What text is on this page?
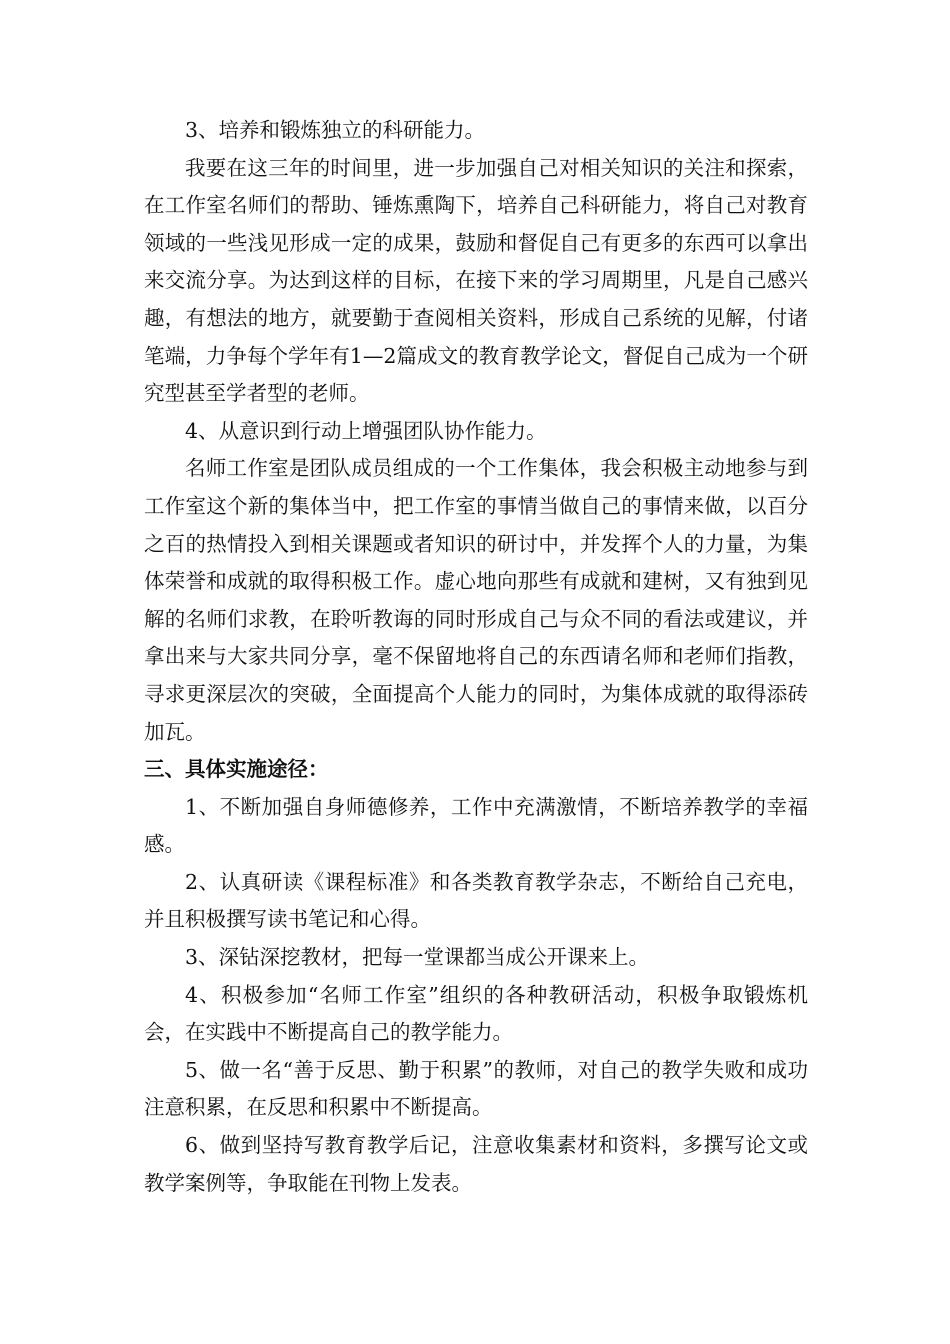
3、培养和锻炼独立的科研能力。

我要在这三年的时间里，进一步加强自己对相关知识的关注和探索，在工作室名师们的帮助、锤炼熏陶下，培养自己科研能力，将自己对教育领域的一些浅见形成一定的成果，鼓励和督促自己有更多的东西可以拿出来交流分享。为达到这样的目标，在接下来的学习周期里，凡是自己感兴趣，有想法的地方，就要勤于查阅相关资料，形成自己系统的见解，付诸笔端，力争每个学年有1—2篇成文的教育教学论文，督促自己成为一个研究型甚至学者型的老师。

4、从意识到行动上增强团队协作能力。

名师工作室是团队成员组成的一个工作集体，我会积极主动地参与到工作室这个新的集体当中，把工作室的事情当做自己的事情来做，以百分之百的热情投入到相关课题或者知识的研讨中，并发挥个人的力量，为集体荣誉和成就的取得积极工作。虚心地向那些有成就和建树，又有独到见解的名师们求教，在聆听教诲的同时形成自己与众不同的看法或建议，并拿出来与大家共同分享，毫不保留地将自己的东西请名师和老师们指教，寻求更深层次的突破，全面提高个人能力的同时，为集体成就的取得添砖加瓦。

三、具体实施途径：

1、不断加强自身师德修养，工作中充满激情，不断培养教学的幸福感。

2、认真研读《课程标准》和各类教育教学杂志，不断给自己充电，并且积极撰写读书笔记和心得。

3、深钻深挖教材，把每一堂课都当成公开课来上。

4、积极参加“名师工作室”组织的各种教研活动，积极争取锻炼机会，在实践中不断提高自己的教学能力。

5、做一名“善于反思、勤于积累”的教师，对自己的教学失败和成功注意积累，在反思和积累中不断提高。

6、做到坚持写教育教学后记，注意收集素材和资料，多撰写论文或教学案例等，争取能在刊物上发表。
